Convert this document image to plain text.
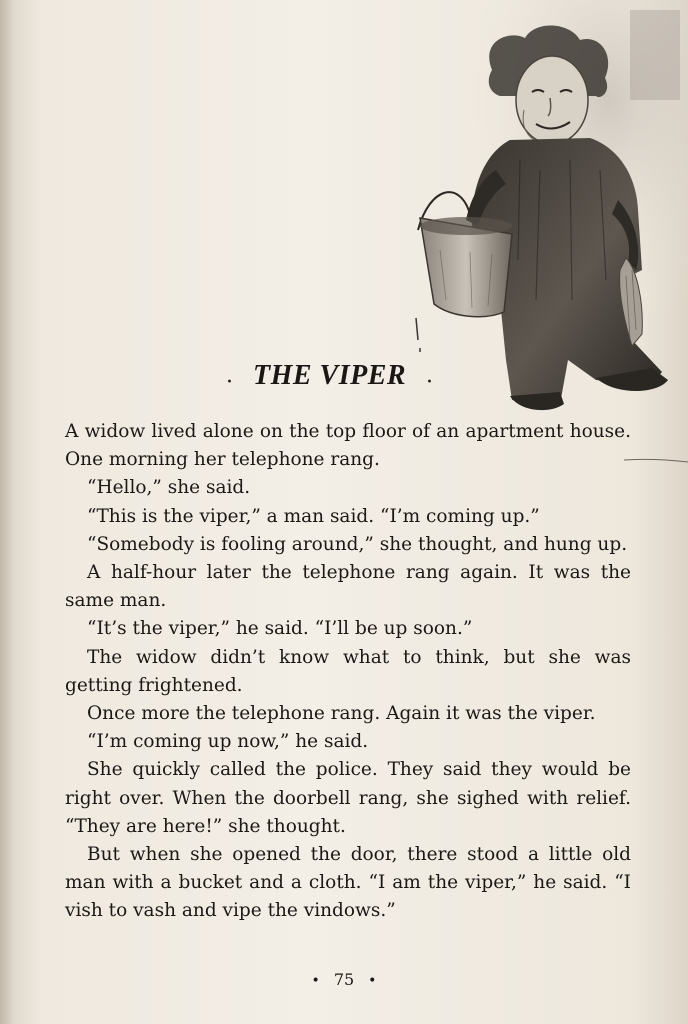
· THE VIPER ·

A widow lived alone on the top floor of an apartment house. One morning her telephone rang.

“Hello,” she said.

“This is the viper,” a man said. “I’m coming up.”

“Somebody is fooling around,” she thought, and hung up.

A half-hour later the telephone rang again. It was the same man.

“It’s the viper,” he said. “I’ll be up soon.”

The widow didn’t know what to think, but she was getting frightened.

Once more the telephone rang. Again it was the viper.

“I’m coming up now,” he said.

She quickly called the police. They said they would be right over. When the doorbell rang, she sighed with relief. “They are here!” she thought.

But when she opened the door, there stood a little old man with a bucket and a cloth. “I am the viper,” he said. “I vish to vash and vipe the vindows.”

• 75 •
